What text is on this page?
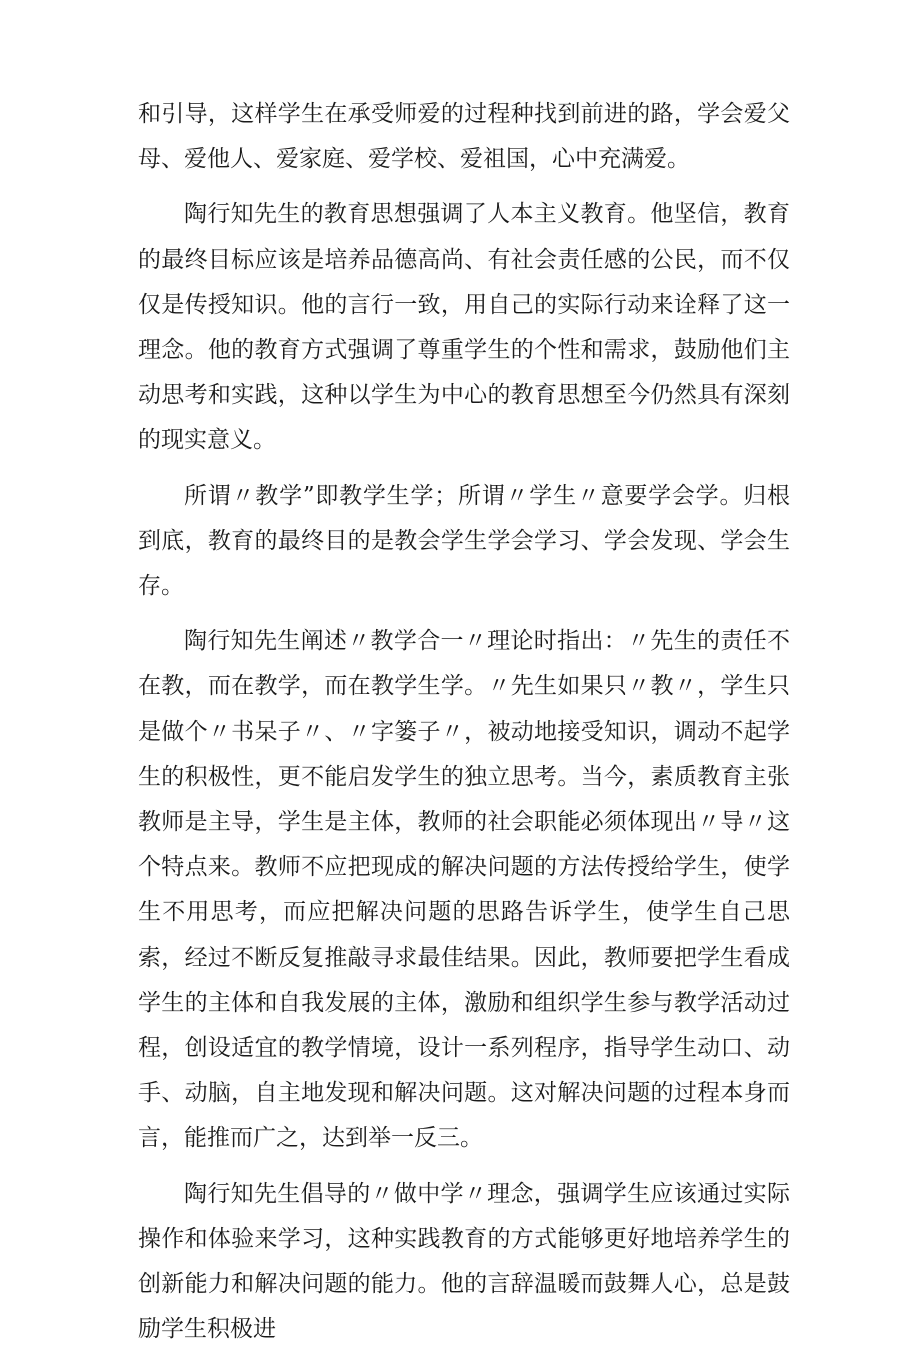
和引导，这样学生在承受师爱的过程种找到前进的路，学会爱父母、爱他人、爱家庭、爱学校、爱祖国，心中充满爱。

陶行知先生的教育思想强调了人本主义教育。他坚信，教育的最终目标应该是培养品德高尚、有社会责任感的公民，而不仅仅是传授知识。他的言行一致，用自己的实际行动来诠释了这一理念。他的教育方式强调了尊重学生的个性和需求，鼓励他们主动思考和实践，这种以学生为中心的教育思想至今仍然具有深刻的现实意义。

所谓〃教学”即教学生学；所谓〃学生〃意要学会学。归根到底，教育的最终目的是教会学生学会学习、学会发现、学会生存。

陶行知先生阐述〃教学合一〃理论时指出：〃先生的责任不在教，而在教学，而在教学生学。〃先生如果只〃教〃，学生只是做个〃书呆子〃、〃字篓子〃，被动地接受知识，调动不起学生的积极性，更不能启发学生的独立思考。当今，素质教育主张教师是主导，学生是主体，教师的社会职能必须体现出〃导〃这个特点来。教师不应把现成的解决问题的方法传授给学生，使学生不用思考，而应把解决问题的思路告诉学生，使学生自己思索，经过不断反复推敲寻求最佳结果。因此，教师要把学生看成学生的主体和自我发展的主体，激励和组织学生参与教学活动过程，创设适宜的教学情境，设计一系列程序，指导学生动口、动手、动脑，自主地发现和解决问题。这对解决问题的过程本身而言，能推而广之，达到举一反三。

陶行知先生倡导的〃做中学〃理念，强调学生应该通过实际操作和体验来学习，这种实践教育的方式能够更好地培养学生的创新能力和解决问题的能力。他的言辞温暖而鼓舞人心，总是鼓励学生积极进
